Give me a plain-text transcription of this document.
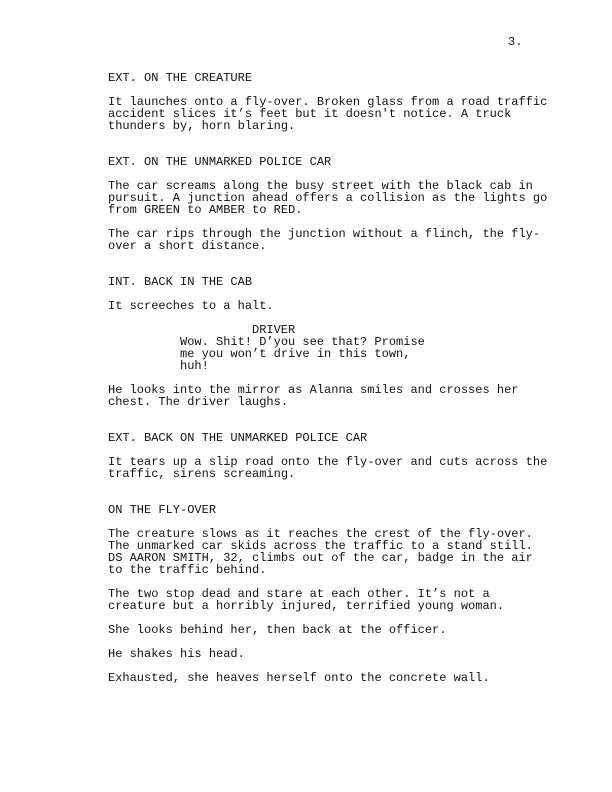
3.
EXT. ON THE CREATURE
It launches onto a fly-over. Broken glass from a road traffic
accident slices it’s feet but it doesn't notice. A truck
thunders by, horn blaring.
EXT. ON THE UNMARKED POLICE CAR
The car screams along the busy street with the black cab in
pursuit. A junction ahead offers a collision as the lights go
from GREEN to AMBER to RED.
The car rips through the junction without a flinch, the fly-
over a short distance.
INT. BACK IN THE CAB
It screeches to a halt.
DRIVER
Wow. Shit! D’you see that? Promise
me you won’t drive in this town,
huh!
He looks into the mirror as Alanna smiles and crosses her
chest. The driver laughs.
EXT. BACK ON THE UNMARKED POLICE CAR
It tears up a slip road onto the fly-over and cuts across the
traffic, sirens screaming.
ON THE FLY-OVER
The creature slows as it reaches the crest of the fly-over.
The unmarked car skids across the traffic to a stand still.
DS AARON SMITH, 32, climbs out of the car, badge in the air
to the traffic behind.
The two stop dead and stare at each other. It’s not a
creature but a horribly injured, terrified young woman.
She looks behind her, then back at the officer.
He shakes his head.
Exhausted, she heaves herself onto the concrete wall.
